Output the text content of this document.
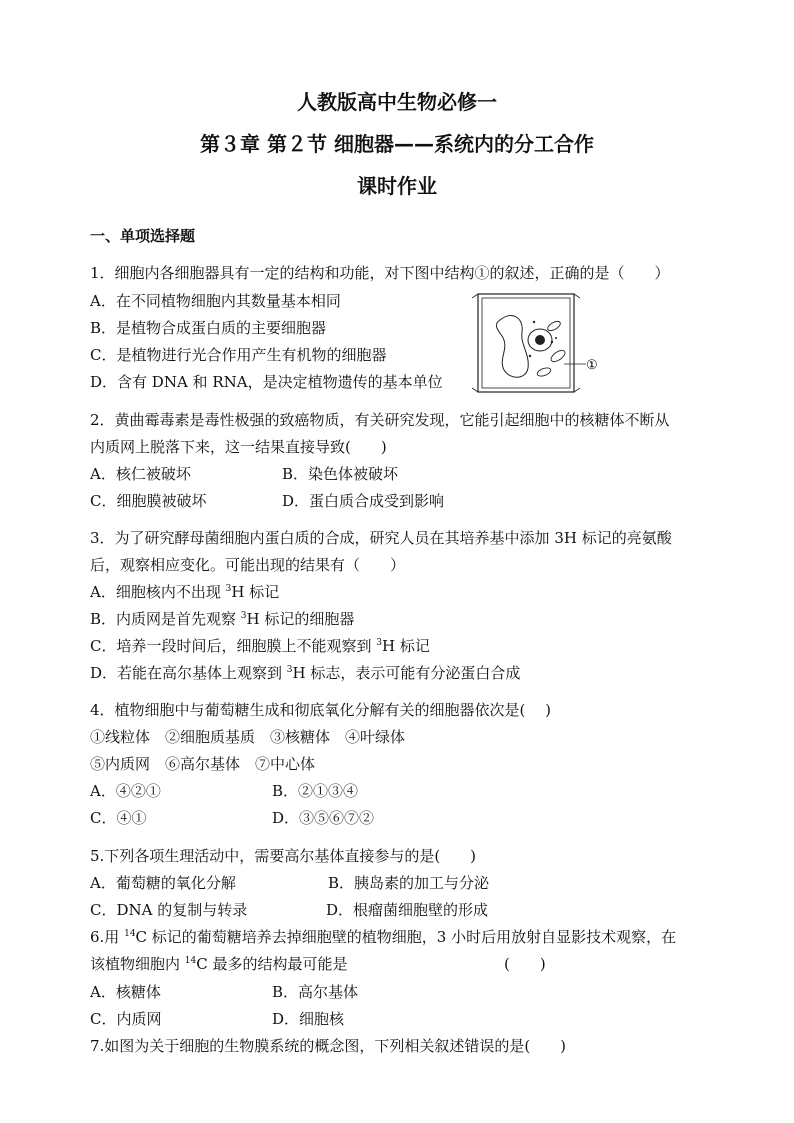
人教版高中生物必修一
第３章 第２节 细胞器——系统内的分工合作
课时作业
一、单项选择题
1．细胞内各细胞器具有一定的结构和功能，对下图中结构①的叙述，正确的是（　　）
A．在不同植物细胞内其数量基本相同
B．是植物合成蛋白质的主要细胞器
C．是植物进行光合作用产生有机物的细胞器
D．含有 DNA 和 RNA，是决定植物遗传的基本单位
①
2．黄曲霉毒素是毒性极强的致癌物质，有关研究发现，它能引起细胞中的核糖体不断从
内质网上脱落下来，这一结果直接导致(　　)
A．核仁被破坏	B．染色体被破坏
C．细胞膜被破坏	D．蛋白质合成受到影响
3．为了研究酵母菌细胞内蛋白质的合成，研究人员在其培养基中添加 3H 标记的亮氨酸
后，观察相应变化。可能出现的结果有（　　）
A．细胞核内不出现 $^3$H 标记
B．内质网是首先观察 $^3$H 标记的细胞器
C．培养一段时间后，细胞膜上不能观察到 $^3$H 标记
D．若能在高尔基体上观察到 $^3$H 标志，表示可能有分泌蛋白合成
4．植物细胞中与葡萄糖生成和彻底氧化分解有关的细胞器依次是(　 )
①线粒体　②细胞质基质　③核糖体　④叶绿体
⑤内质网　⑥高尔基体　⑦中心体
A．④②①	B．②①③④
C．④①	D．③⑤⑥⑦②
5.下列各项生理活动中，需要高尔基体直接参与的是(　　)
A．葡萄糖的氧化分解	B．胰岛素的加工与分泌
C．DNA 的复制与转录	D．根瘤菌细胞壁的形成
6.用 $^{14}$C 标记的葡萄糖培养去掉细胞壁的植物细胞，3 小时后用放射自显影技术观察，在
该植物细胞内 $^{14}$C 最多的结构最可能是	(　　)
A．核糖体	B．高尔基体
C．内质网	D．细胞核
7.如图为关于细胞的生物膜系统的概念图，下列相关叙述错误的是(　　)
